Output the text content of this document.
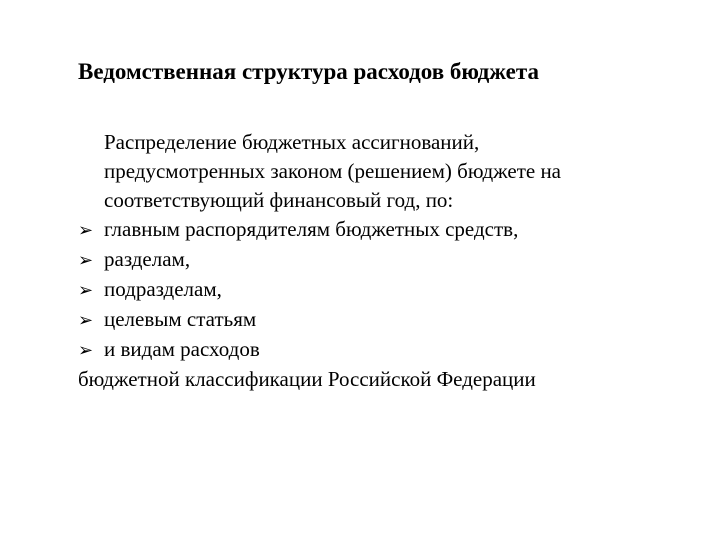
Ведомственная структура расходов бюджета
Распределение бюджетных ассигнований,
предусмотренных законом (решением) бюджете на
соответствующий финансовый год, по:
➢ главным распорядителям бюджетных средств,
➢ разделам,
➢ подразделам,
➢ целевым статьям
➢ и видам расходов
бюджетной классификации Российской Федерации
